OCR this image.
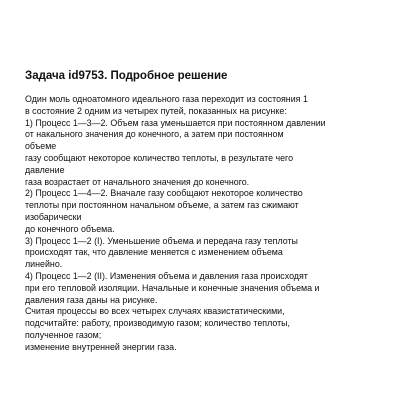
Задача id9753. Подробное решение
Один моль одноатомного идеального газа переходит из состояния 1
в состояние 2 одним из четырех путей, показанных на рисунке:
1) Процесс 1—3—2. Объем газа уменьшается при постоянном давлении
от накального значения до конечного, а затем при постоянном
объеме
газу сообщают некоторое количество теплоты, в результате чего
давление
газа возрастает от начального значения до конечного.
2) Процесс 1—4—2. Вначале газу сообщают некоторое количество
теплоты при постоянном начальном объеме, а затем газ сжимают
изобарически
до конечного объема.
3) Процесс 1—2 (I). Уменьшение объема и передача газу теплоты
происходят так, что давление меняется с изменением объема
линейно.
4) Процесс 1—2 (II). Изменения объема и давления газа происходят
при его тепловой изоляции. Начальные и конечные значения объема и
давления газа даны на рисунке.
Считая процессы во всех четырех случаях квазистатическими,
подсчитайте: работу, производимую газом; количество теплоты,
полученное газом;
изменение внутренней энергии газа.
